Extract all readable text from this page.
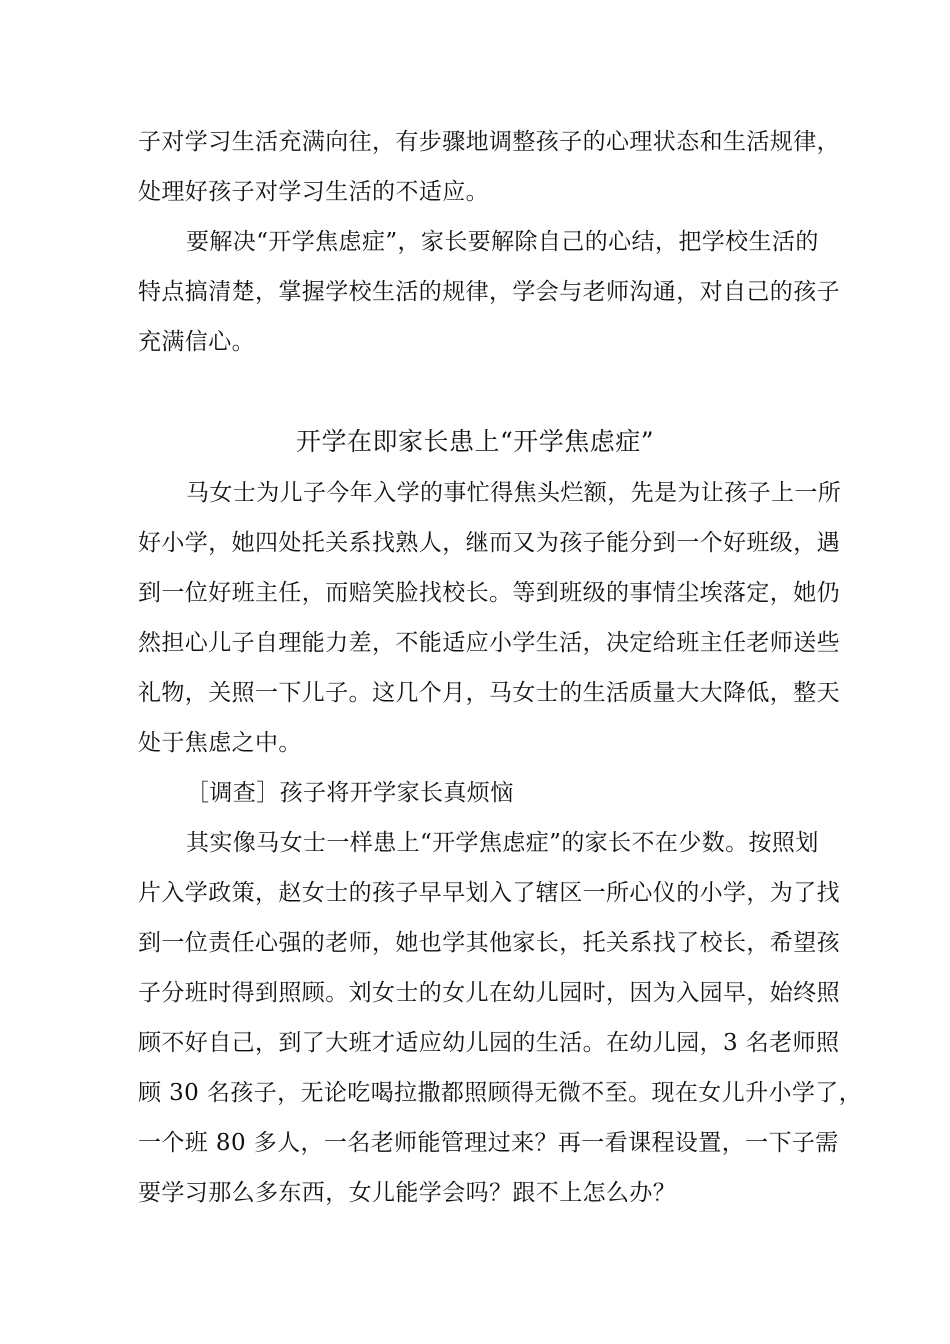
子对学习生活充满向往，有步骤地调整孩子的心理状态和生活规律，
处理好孩子对学习生活的不适应。
要解决“开学焦虑症”，家长要解除自己的心结，把学校生活的
特点搞清楚，掌握学校生活的规律，学会与老师沟通，对自己的孩子
充满信心。
开学在即家长患上“开学焦虑症”
马女士为儿子今年入学的事忙得焦头烂额，先是为让孩子上一所
好小学，她四处托关系找熟人，继而又为孩子能分到一个好班级，遇
到一位好班主任，而赔笑脸找校长。等到班级的事情尘埃落定，她仍
然担心儿子自理能力差，不能适应小学生活，决定给班主任老师送些
礼物，关照一下儿子。这几个月，马女士的生活质量大大降低，整天
处于焦虑之中。
［调查］孩子将开学家长真烦恼
其实像马女士一样患上“开学焦虑症”的家长不在少数。按照划
片入学政策，赵女士的孩子早早划入了辖区一所心仪的小学，为了找
到一位责任心强的老师，她也学其他家长，托关系找了校长，希望孩
子分班时得到照顾。刘女士的女儿在幼儿园时，因为入园早，始终照
顾不好自己，到了大班才适应幼儿园的生活。在幼儿园，3 名老师照
顾 30 名孩子，无论吃喝拉撒都照顾得无微不至。现在女儿升小学了，
一个班 80 多人，一名老师能管理过来？再一看课程设置，一下子需
要学习那么多东西，女儿能学会吗？跟不上怎么办？
